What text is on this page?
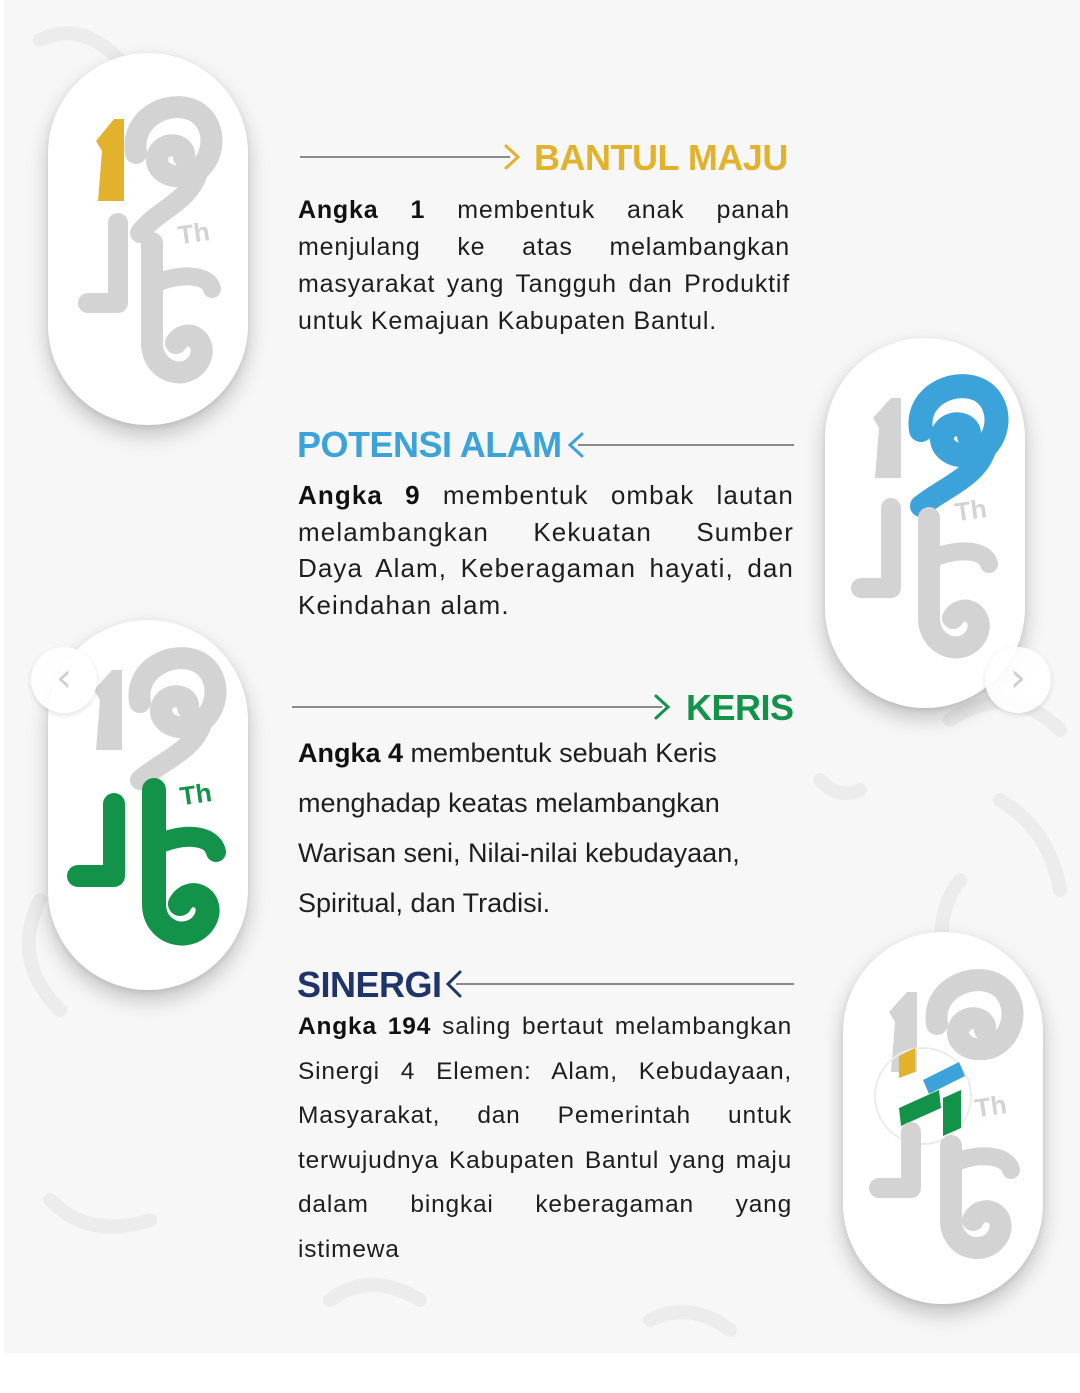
Th
Th
Th
Th
BANTUL MAJU

Angka 1 membentuk anak panah menjulang ke atas melambangkan masyarakat yang Tangguh dan Produktif untuk Kemajuan Kabupaten Bantul.

POTENSI ALAM

Angka 9 membentuk ombak lautan melambangkan Kekuatan Sumber Daya Alam, Keberagaman hayati, dan Keindahan alam.

KERIS

Angka 4 membentuk sebuah Keris menghadap keatas melambangkan Warisan seni, Nilai-nilai kebudayaan, Spiritual, dan Tradisi.

SINERGI

Angka 194 saling bertaut melambangkan Sinergi 4 Elemen: Alam, Kebudayaan, Masyarakat, dan Pemerintah untuk terwujudnya Kabupaten Bantul yang maju dalam bingkai keberagaman yang istimewa

‹	›
